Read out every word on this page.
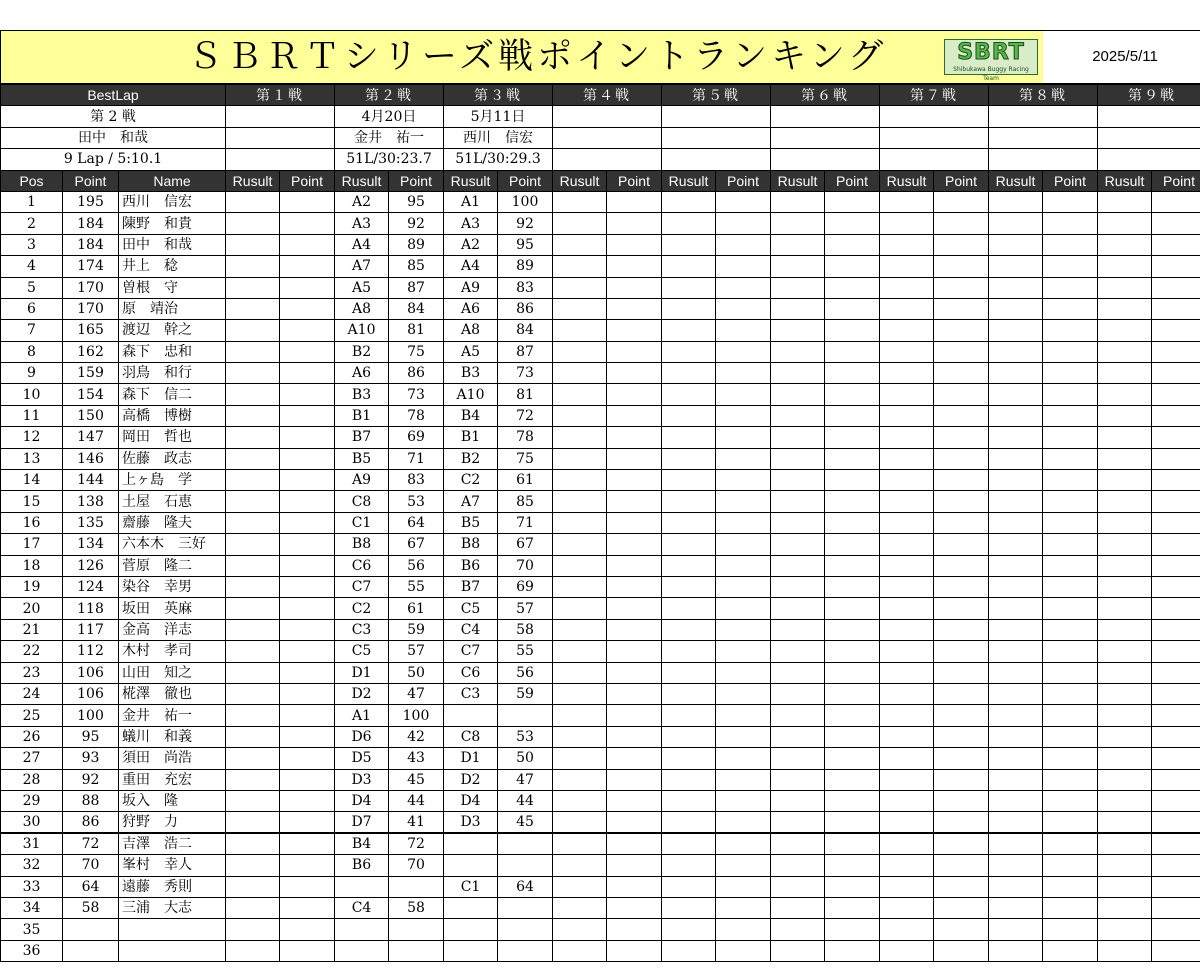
ＳＢＲＴシリーズ戦ポイントランキング	SBRT
Shibukawa Buggy Racing Team
2025/5/11
BestLap			第１戦		第２戦		第３戦		第４戦		第５戦		第６戦		第７戦		第８戦		第９戦	
第 2 戦					4月20日		5月11日													
田中　和哉					金井　祐一		西川　信宏													
9 Lap / 5:10.1					51L/30:23.7		51L/30:29.3													
Pos	Point	Name	Rusult	Point	Rusult	Point	Rusult	Point	Rusult	Point	Rusult	Point	Rusult	Point	Rusult	Point	Rusult	Point	Rusult	Point
1	195	西川　信宏			A2	95	A1	100												
2	184	陳野　和貴			A3	92	A3	92												
3	184	田中　和哉			A4	89	A2	95												
4	174	井上　稔			A7	85	A4	89												
5	170	曽根　守			A5	87	A9	83												
6	170	原　靖治			A8	84	A6	86												
7	165	渡辺　幹之			A10	81	A8	84												
8	162	森下　忠和			B2	75	A5	87												
9	159	羽鳥　和行			A6	86	B3	73												
10	154	森下　信二			B3	73	A10	81												
11	150	高橋　博樹			B1	78	B4	72												
12	147	岡田　哲也			B7	69	B1	78												
13	146	佐藤　政志			B5	71	B2	75												
14	144	上ヶ島　学			A9	83	C2	61												
15	138	土屋　石恵			C8	53	A7	85												
16	135	齋藤　隆夫			C1	64	B5	71												
17	134	六本木　三好			B8	67	B8	67												
18	126	菅原　隆二			C6	56	B6	70												
19	124	染谷　幸男			C7	55	B7	69												
20	118	坂田　英麻			C2	61	C5	57												
21	117	金高　洋志			C3	59	C4	58												
22	112	木村　孝司			C5	57	C7	55												
23	106	山田　知之			D1	50	C6	56												
24	106	椛澤　徹也			D2	47	C3	59												
25	100	金井　祐一			A1	100														
26	95	蟻川　和義			D6	42	C8	53												
27	93	須田　尚浩			D5	43	D1	50												
28	92	重田　充宏			D3	45	D2	47												
29	88	坂入　隆			D4	44	D4	44												
30	86	狩野　力			D7	41	D3	45												
31	72	吉澤　浩二			B4	72														
32	70	峯村　幸人			B6	70														
33	64	遠藤　秀則					C1	64												
34	58	三浦　大志			C4	58														
35																				
36																				
